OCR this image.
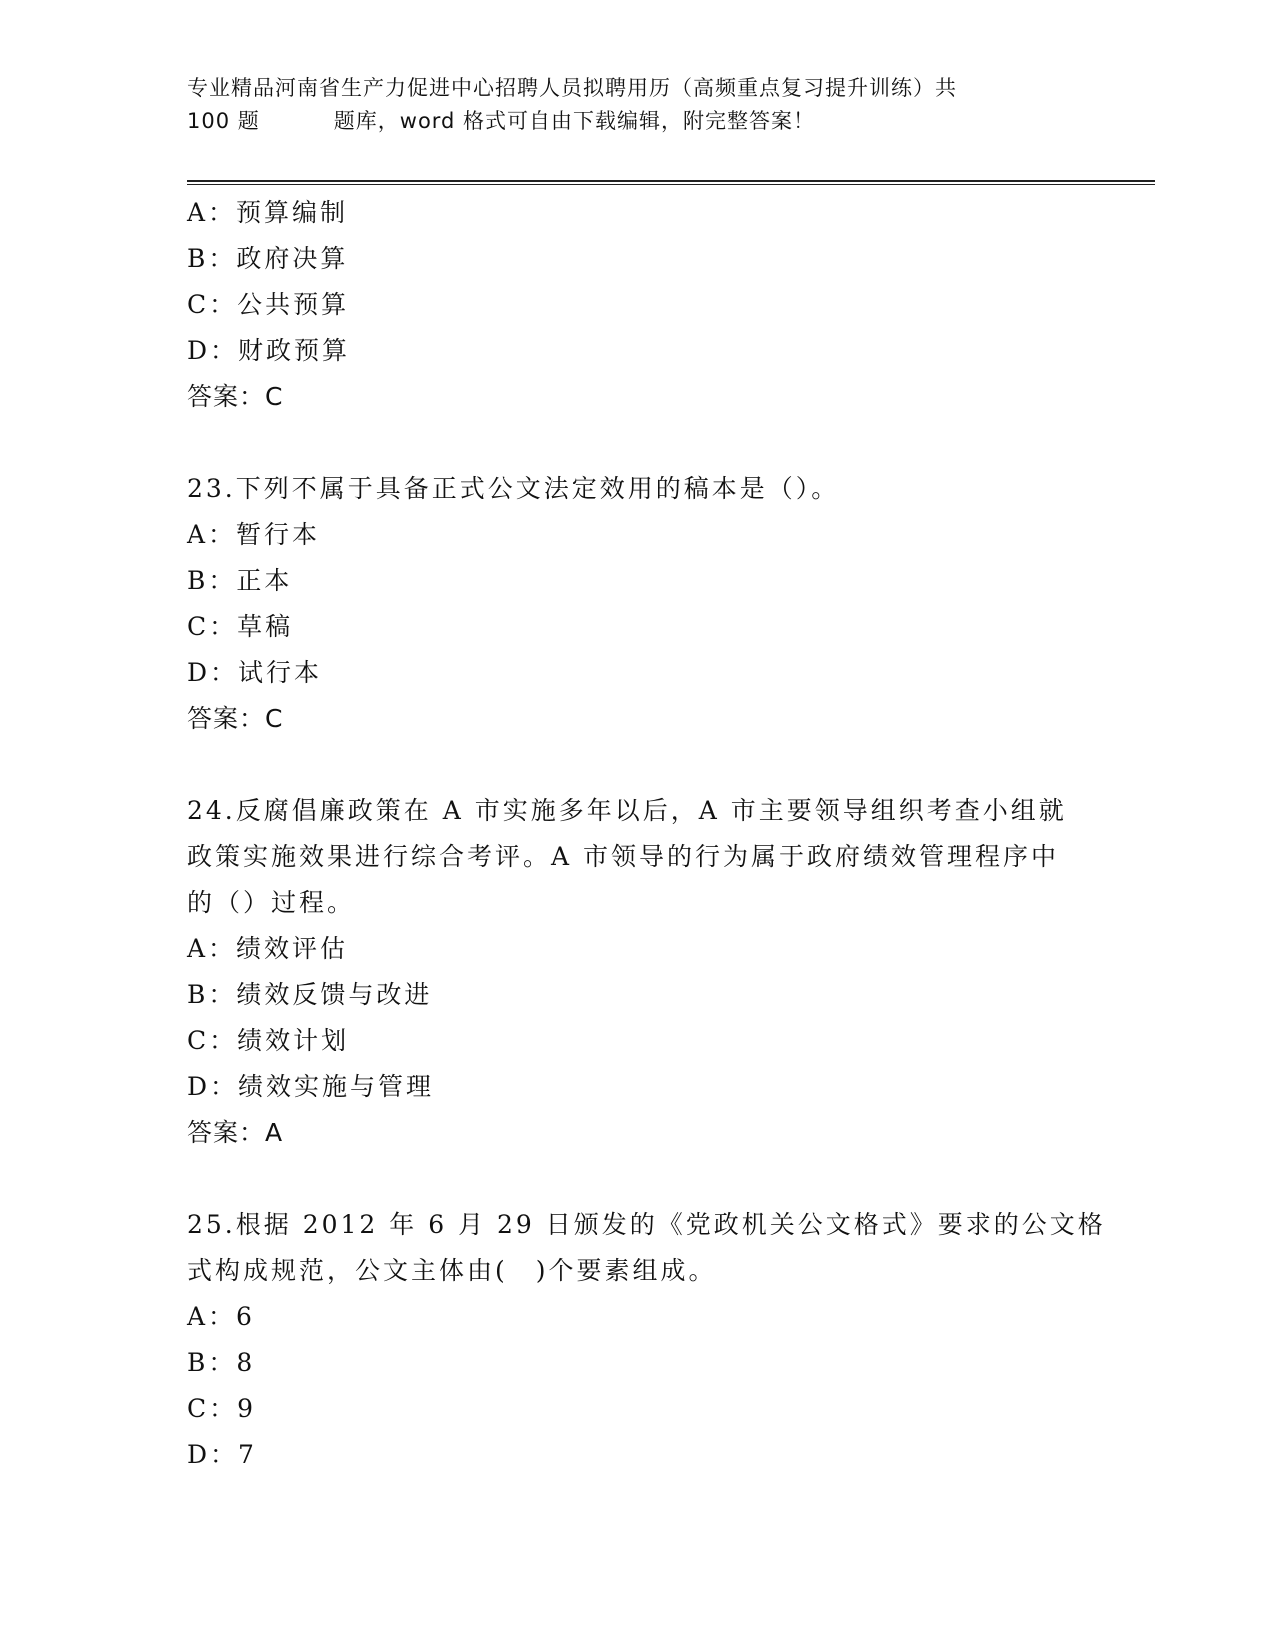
专业精品河南省生产力促进中心招聘人员拟聘用历（高频重点复习提升训练）共
100 题	题库，word 格式可自由下载编辑，附完整答案！
A：预算编制
B：政府决算
C：公共预算
D：财政预算
答案：C
23.下列不属于具备正式公文法定效用的稿本是（）。
A：暂行本
B：正本
C：草稿
D：试行本
答案：C
24.反腐倡廉政策在 A 市实施多年以后，A 市主要领导组织考查小组就
政策实施效果进行综合考评。A 市领导的行为属于政府绩效管理程序中
的（）过程。
A：绩效评估
B：绩效反馈与改进
C：绩效计划
D：绩效实施与管理
答案：A
25.根据 2012 年 6 月 29 日颁发的《党政机关公文格式》要求的公文格
式构成规范，公文主体由(　)个要素组成。
A：6
B：8
C：9
D：7
